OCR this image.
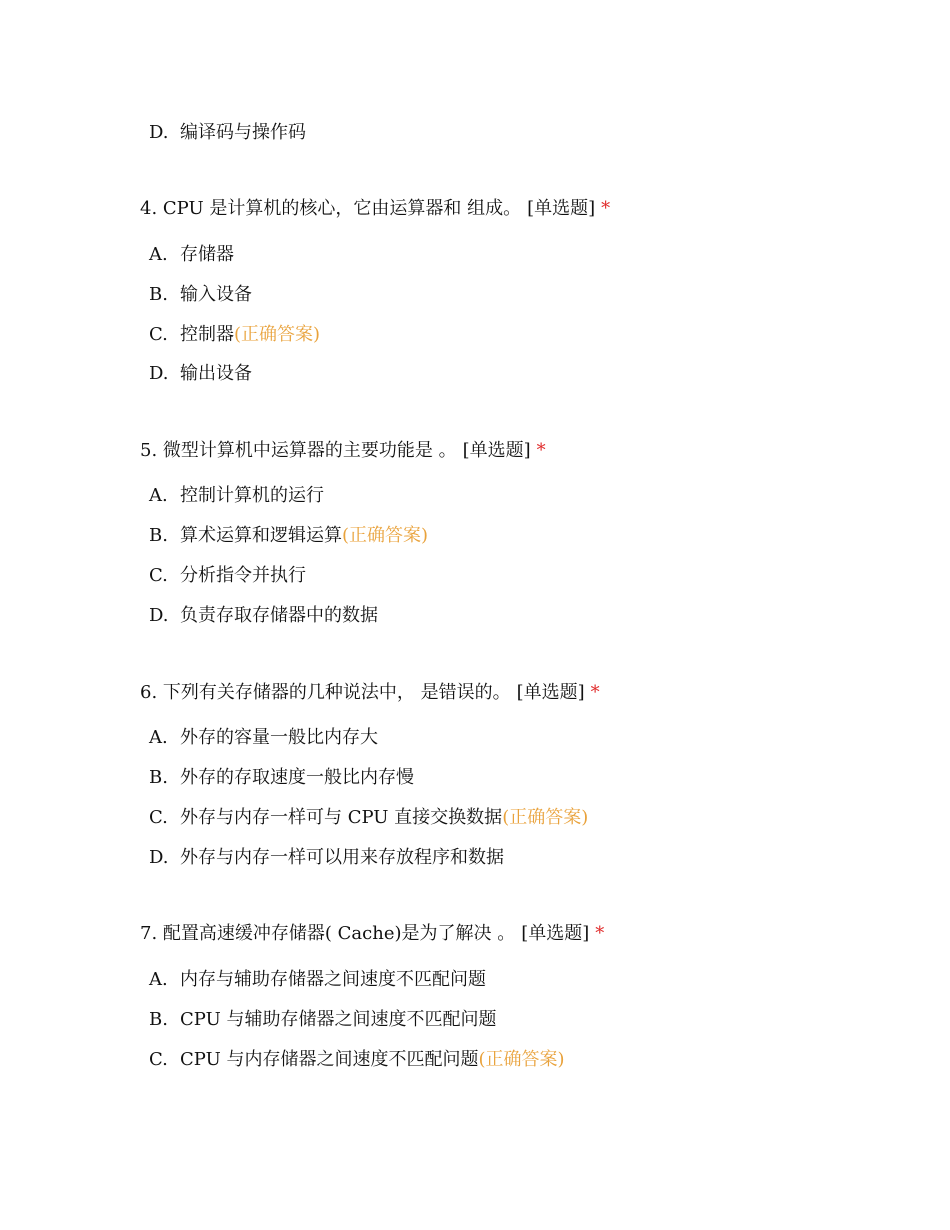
D. 编译码与操作码
4. CPU 是计算机的核心，它由运算器和 组成。 [单选题] *
A. 存储器
B. 输入设备
C. 控制器(正确答案)
D. 输出设备
5. 微型计算机中运算器的主要功能是 。 [单选题] *
A. 控制计算机的运行
B. 算术运算和逻辑运算(正确答案)
C. 分析指令并执行
D. 负责存取存储器中的数据
6. 下列有关存储器的几种说法中， 是错误的。 [单选题] *
A. 外存的容量一般比内存大
B. 外存的存取速度一般比内存慢
C. 外存与内存一样可与 CPU 直接交换数据(正确答案)
D. 外存与内存一样可以用来存放程序和数据
7. 配置高速缓冲存储器( Cache)是为了解决 。 [单选题] *
A. 内存与辅助存储器之间速度不匹配问题
B. CPU 与辅助存储器之间速度不匹配问题
C. CPU 与内存储器之间速度不匹配问题(正确答案)
